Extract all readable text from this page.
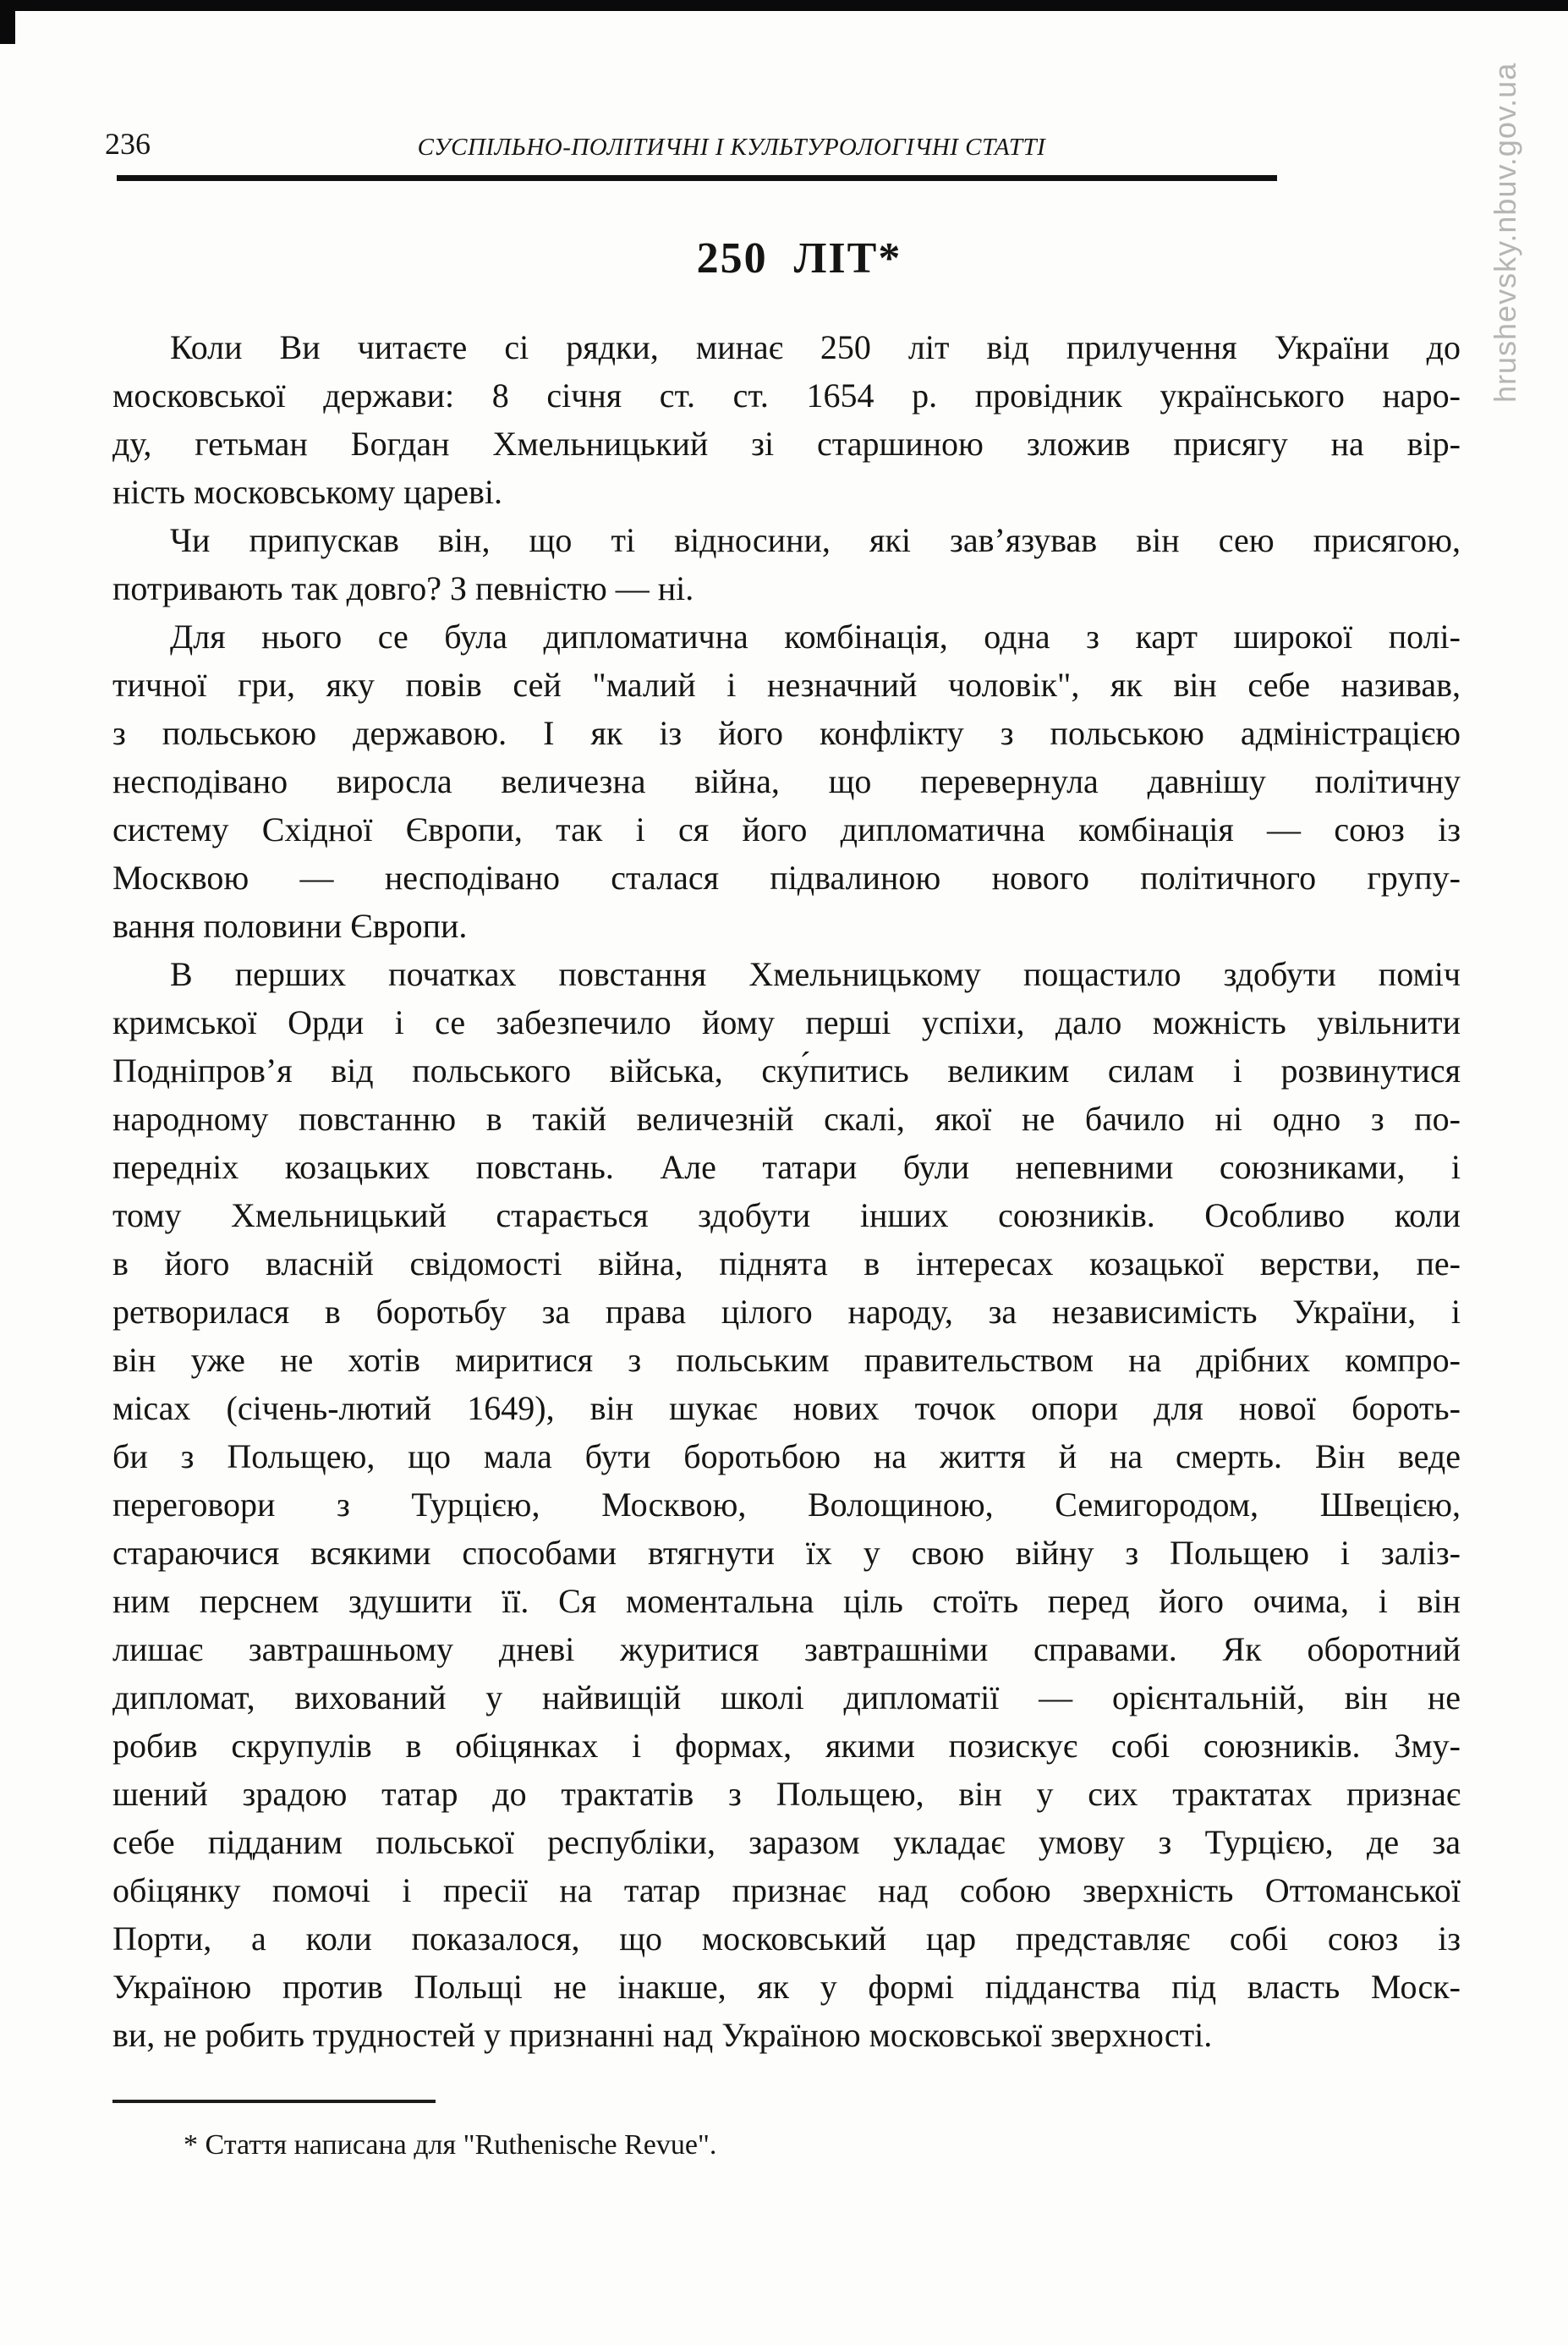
hrushevsky.nbuv.gov.ua
236	СУСПІЛЬНО-ПОЛІТИЧНІ І КУЛЬТУРОЛОГІЧНІ СТАТТІ
250 ЛІТ*
Коли Ви читаєте сі рядки, минає 250 літ від прилучення України до
московської держави: 8 січня ст. ст. 1654 р. провідник українського наро-
ду, гетьман Богдан Хмельницький зі старшиною зложив присягу на вір-
ність московському цареві.
Чи припускав він, що ті відносини, які зав’язував він сею присягою,
потривають так довго? З певністю — ні.
Для нього се була дипломатична комбінація, одна з карт широкої полі-
тичної гри, яку повів сей "малий і незначний чоловік", як він себе називав,
з польською державою. І як із його конфлікту з польською адміністрацією
несподівано виросла величезна війна, що перевернула давнішу політичну
систему Східної Європи, так і ся його дипломатична комбінація — союз із
Москвою — несподівано сталася підвалиною нового політичного групу-
вання половини Європи.
В перших початках повстання Хмельницькому пощастило здобути поміч
кримської Орди і се забезпечило йому перші успіхи, дало можність увільнити
Подніпров’я від польського війська, ску́питись великим силам і розвинутися
народному повстанню в такій величезній скалі, якої не бачило ні одно з по-
передніх козацьких повстань. Але татари були непевними союзниками, і
тому Хмельницький старається здобути інших союзників. Особливо коли
в його власній свідомості війна, піднята в інтересах козацької верстви, пе-
ретворилася в боротьбу за права цілого народу, за независимість України, і
він уже не хотів миритися з польським правительством на дрібних компро-
місах (січень-лютий 1649), він шукає нових точок опори для нової бороть-
би з Польщею, що мала бути боротьбою на життя й на смерть. Він веде
переговори з Турцією, Москвою, Волощиною, Семигородом, Швецією,
стараючися всякими способами втягнути їх у свою війну з Польщею і заліз-
ним перснем здушити її. Ся моментальна ціль стоїть перед його очима, і він
лишає завтрашньому дневі журитися завтрашніми справами. Як оборотний
дипломат, вихований у найвищій школі дипломатії — орієнтальній, він не
робив скрупулів в обіцянках і формах, якими позискує собі союзників. Зму-
шений зрадою татар до трактатів з Польщею, він у сих трактатах признає
себе підданим польської республіки, заразом укладає умову з Турцією, де за
обіцянку помочі і пресії на татар признає над собою зверхність Оттоманської
Порти, а коли показалося, що московський цар представляє собі союз із
Україною против Польщі не інакше, як у формі підданства під власть Моск-
ви, не робить трудностей у признанні над Україною московської зверхності.
* Стаття написана для "Ruthenische Revue".
